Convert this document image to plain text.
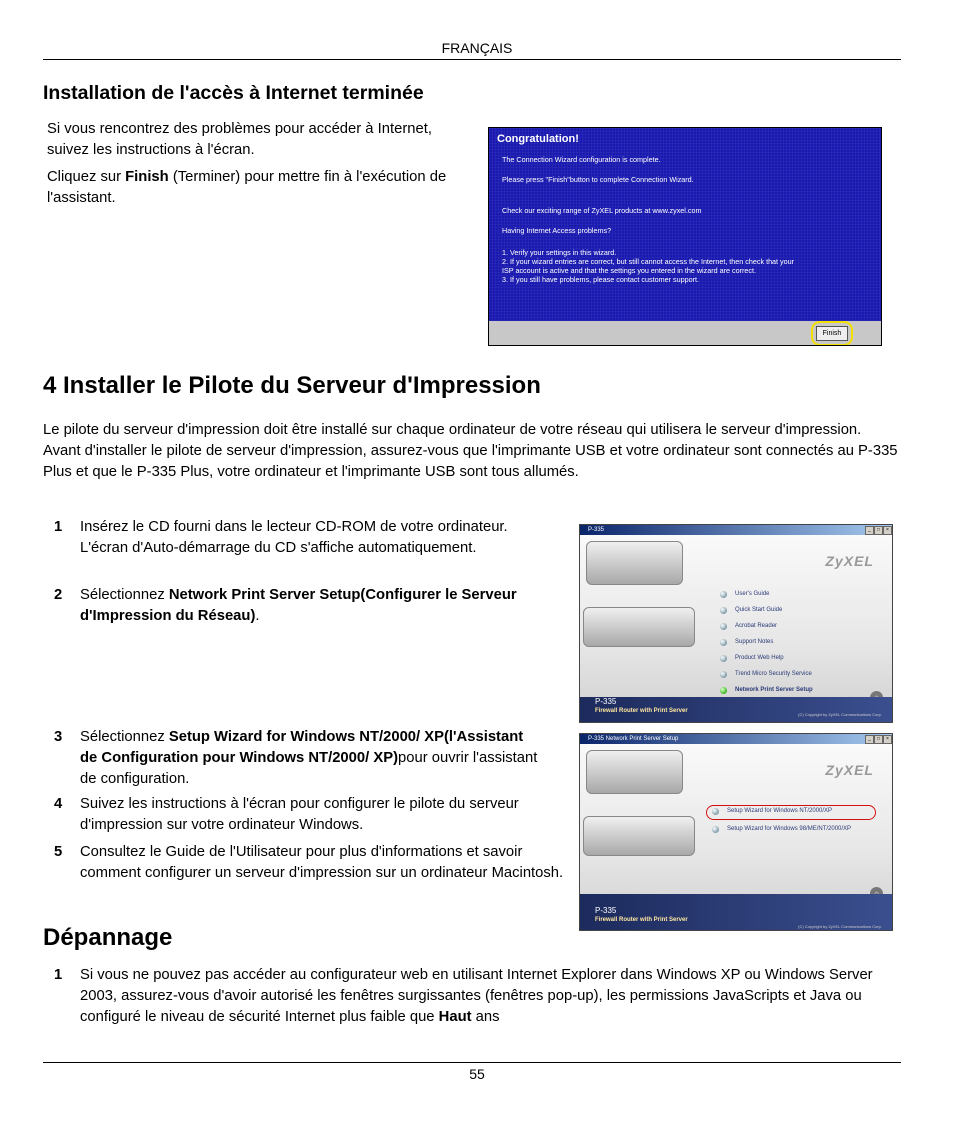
FRANÇAIS
Installation de l'accès à Internet terminée
Si vous rencontrez des problèmes pour accéder à Internet, suivez les instructions à l'écran.
Cliquez sur Finish (Terminer) pour mettre fin à l'exécution de l'assistant.
Congratulation!
The Connection Wizard configuration is complete.
Please press "Finish"button to complete Connection Wizard.
Check our exciting range of ZyXEL products at www.zyxel.com
Having Internet Access problems?
1. Verify your settings in this wizard.
2. If your wizard entries are correct, but still cannot access the Internet, then check that your
ISP account is active and that the settings you entered in the wizard are correct.
3. If you still have problems, please contact customer support.
Finish
4 Installer le Pilote du Serveur d'Impression
Le pilote du serveur d'impression doit être installé sur chaque ordinateur de votre réseau qui utilisera le serveur d'impression. Avant d'installer le pilote de serveur d'impression, assurez-vous que l'imprimante USB et votre ordinateur sont connectés au P-335 Plus et que le P-335 Plus, votre ordinateur et l'imprimante USB sont tous allumés.
1 Insérez le CD fourni dans le lecteur CD-ROM de votre ordinateur. L'écran d'Auto-démarrage du CD s'affiche automatiquement.
2 Sélectionnez Network Print Server Setup(Configurer le Serveur d'Impression du Réseau).
3 Sélectionnez Setup Wizard for Windows NT/2000/ XP(l'Assistant de Configuration pour Windows NT/2000/ XP)pour ouvrir l'assistant de configuration.
4 Suivez les instructions à l'écran pour configurer le pilote du serveur d'impression sur votre ordinateur Windows.
5 Consultez le Guide de l'Utilisateur pour plus d'informations et savoir comment configurer un serveur d'impression sur un ordinateur Macintosh.
P-335	_	□	×
ZyXEL
User's Guide
Quick Start Guide
Acrobat Reader
Support Notes
Product Web Help
Trend Micro Security Service
Network Print Server Setup
P-335
Firewall Router with Print Server
(C) Copyright by ZyXEL Communications Corp.
P-335 Network Print Server Setup	_	□	×
ZyXEL
Setup Wizard for Windows NT/2000/XP
Setup Wizard for Windows 98/ME/NT/2000/XP
P-335
Firewall Router with Print Server
(C) Copyright by ZyXEL Communications Corp.
Dépannage
1 Si vous ne pouvez pas accéder au configurateur web en utilisant Internet Explorer dans Windows XP ou Windows Server 2003, assurez-vous d'avoir autorisé les fenêtres surgissantes (fenêtres pop-up), les permissions JavaScripts et Java ou configuré le niveau de sécurité Internet plus faible que Haut ans
55
